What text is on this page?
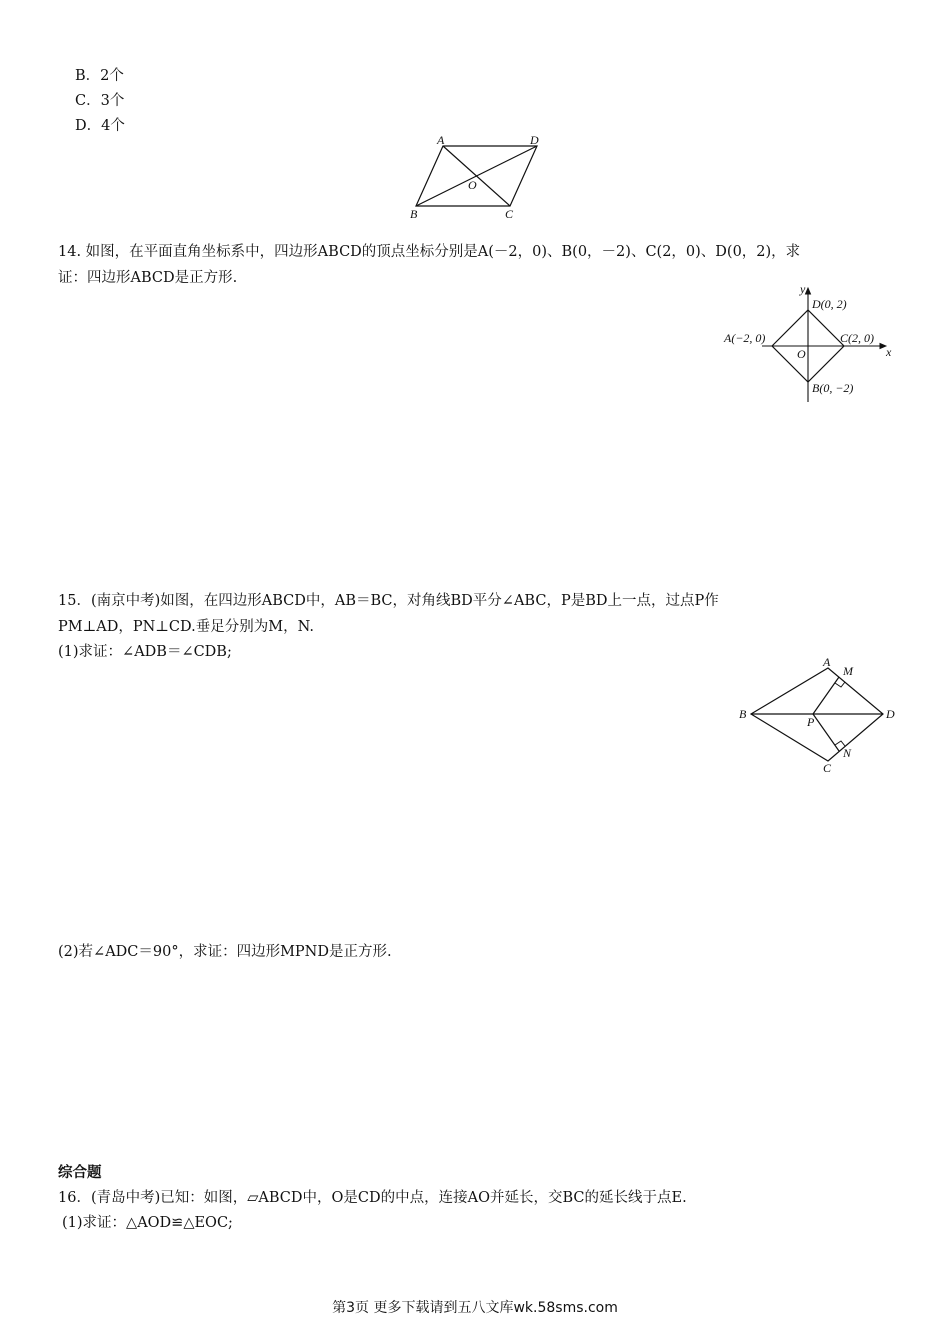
B．2个
C．3个
D．4个
A	D
O
B	C
14. 如图，在平面直角坐标系中，四边形ABCD的顶点坐标分别是A(－2，0)、B(0，－2)、C(2，0)、D(0，2)，求
证：四边形ABCD是正方形.
y
x
O
D(0, 2)
A(−2, 0)	C(2, 0)
B(0, −2)
15．(南京中考)如图，在四边形ABCD中，AB＝BC，对角线BD平分∠ABC，P是BD上一点，过点P作
PM⊥AD，PN⊥CD.垂足分别为M，N.
(1)求证：∠ADB＝∠CDB;
A
M
B
P
D
N
C
(2)若∠ADC＝90°，求证：四边形MPND是正方形.
综合题
16．(青岛中考)已知：如图，▱ABCD中，O是CD的中点，连接AO并延长，交BC的延长线于点E.
(1)求证：△AOD≌△EOC;
第3页 更多下载请到五八文库wk.58sms.com
